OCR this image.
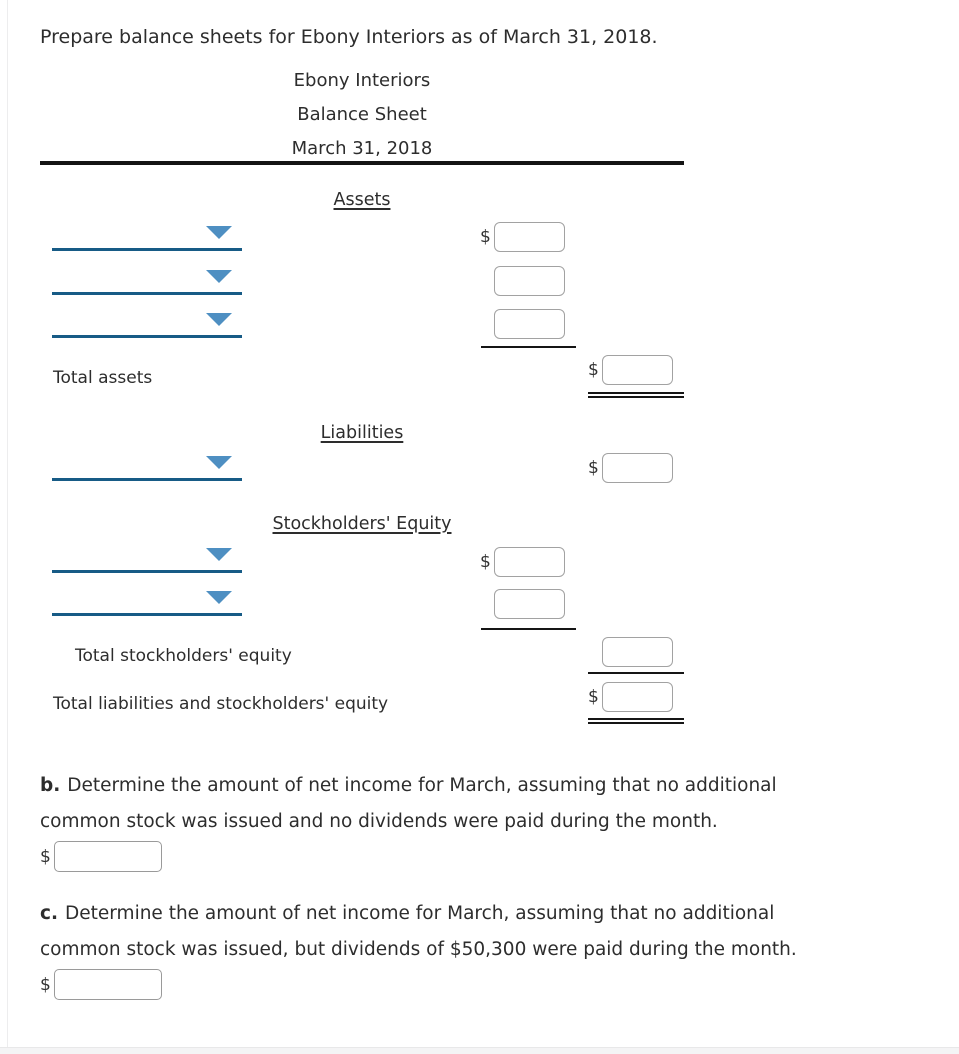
Prepare balance sheets for Ebony Interiors as of March 31, 2018.
Ebony Interiors
Balance Sheet
March 31, 2018
Assets
$
Total assets	$
Liabilities
$
Stockholders' Equity
$
Total stockholders' equity
Total liabilities and stockholders' equity	$
b. Determine the amount of net income for March, assuming that no additional
common stock was issued and no dividends were paid during the month.
$
c. Determine the amount of net income for March, assuming that no additional
common stock was issued, but dividends of $50,300 were paid during the month.
$
